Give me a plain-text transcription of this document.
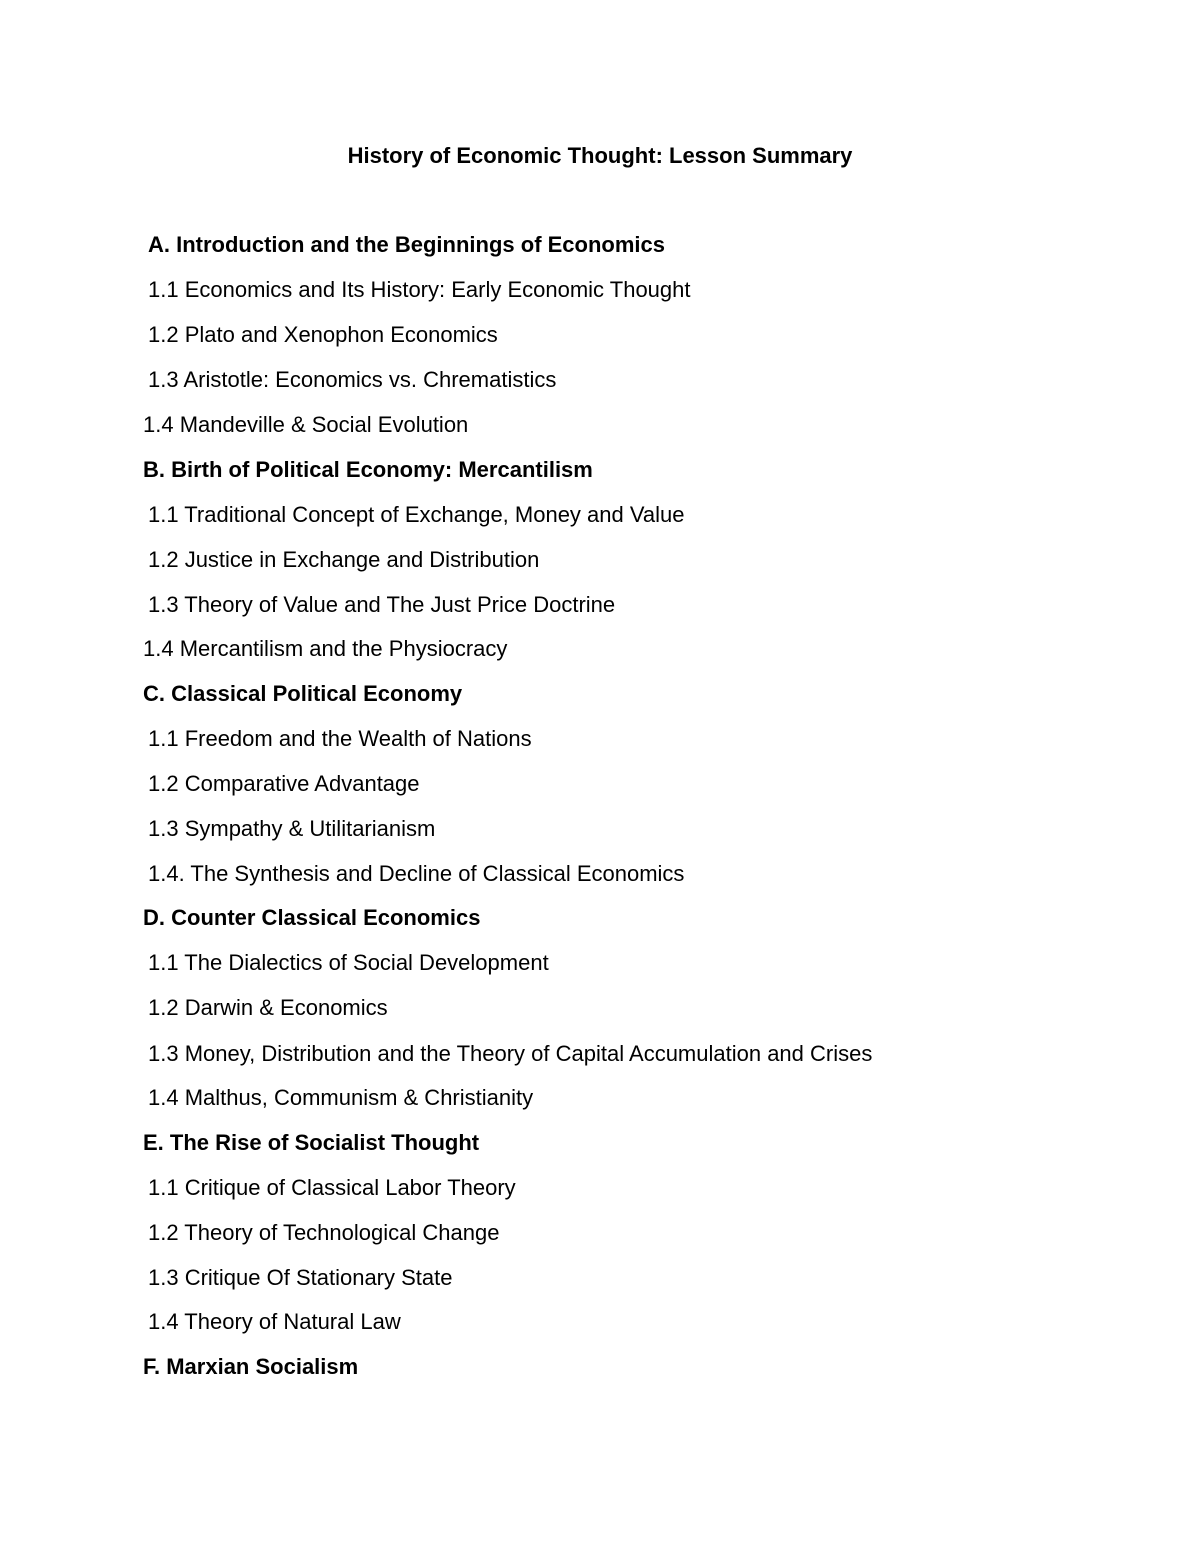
History of Economic Thought: Lesson Summary
A. Introduction and the Beginnings of Economics
1.1 Economics and Its History: Early Economic Thought
1.2 Plato and Xenophon Economics
1.3 Aristotle: Economics vs. Chrematistics
1.4 Mandeville & Social Evolution
B. Birth of Political Economy: Mercantilism
1.1 Traditional Concept of Exchange, Money and Value
1.2 Justice in Exchange and Distribution
1.3 Theory of Value and The Just Price Doctrine
1.4 Mercantilism and the Physiocracy
C. Classical Political Economy
1.1 Freedom and the Wealth of Nations
1.2 Comparative Advantage
1.3 Sympathy & Utilitarianism
1.4. The Synthesis and Decline of Classical Economics
D. Counter Classical Economics
1.1 The Dialectics of Social Development
1.2 Darwin & Economics
1.3 Money, Distribution and the Theory of Capital Accumulation and Crises
1.4 Malthus, Communism & Christianity
E. The Rise of Socialist Thought
1.1 Critique of Classical Labor Theory
1.2 Theory of Technological Change
1.3 Critique Of Stationary State
1.4 Theory of Natural Law
F. Marxian Socialism
